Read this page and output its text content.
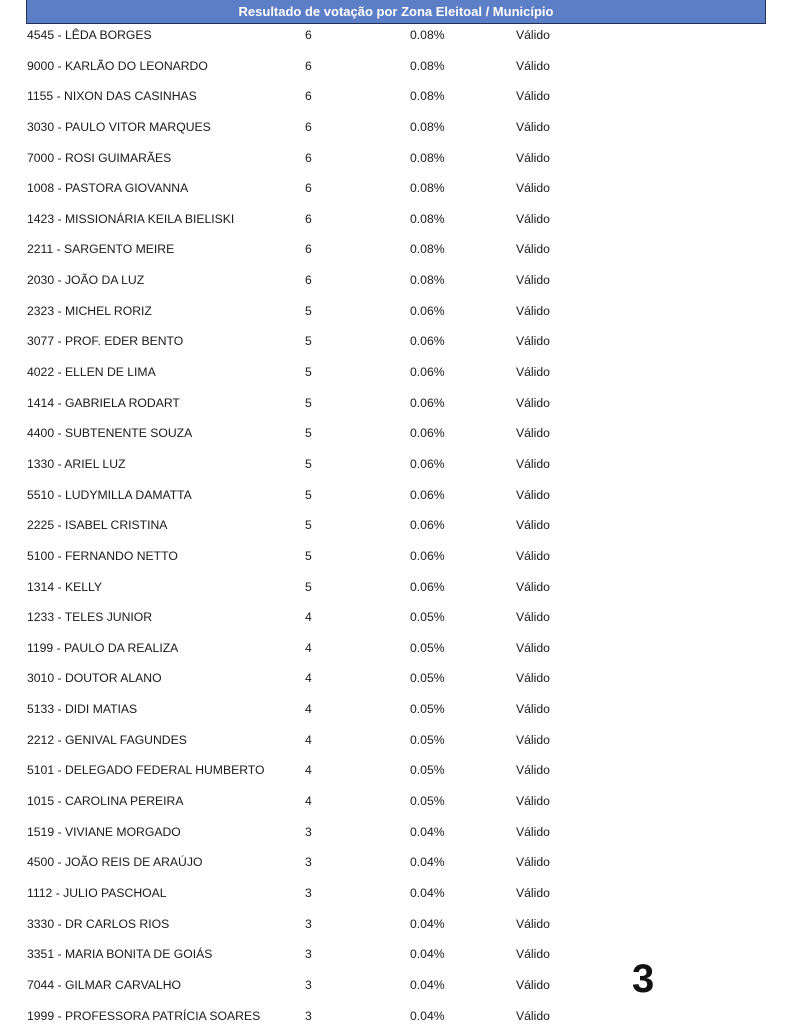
Resultado de votação por Zona Eleitoal / Município
4545 - LÊDA BORGES	6	0.08%	Válido
9000 - KARLÃO DO LEONARDO	6	0.08%	Válido
1155 - NIXON DAS CASINHAS	6	0.08%	Válido
3030 - PAULO VITOR MARQUES	6	0.08%	Válido
7000 - ROSI GUIMARÃES	6	0.08%	Válido
1008 - PASTORA GIOVANNA	6	0.08%	Válido
1423 - MISSIONÁRIA KEILA BIELISKI	6	0.08%	Válido
2211 - SARGENTO MEIRE	6	0.08%	Válido
2030 - JOÃO DA LUZ	6	0.08%	Válido
2323 - MICHEL RORIZ	5	0.06%	Válido
3077 - PROF. EDER BENTO	5	0.06%	Válido
4022 - ELLEN DE LIMA	5	0.06%	Válido
1414 - GABRIELA RODART	5	0.06%	Válido
4400 - SUBTENENTE SOUZA	5	0.06%	Válido
1330 - ARIEL LUZ	5	0.06%	Válido
5510 - LUDYMILLA DAMATTA	5	0.06%	Válido
2225 - ISABEL CRISTINA	5	0.06%	Válido
5100 - FERNANDO NETTO	5	0.06%	Válido
1314 - KELLY	5	0.06%	Válido
1233 - TELES JUNIOR	4	0.05%	Válido
1199 - PAULO DA REALIZA	4	0.05%	Válido
3010 - DOUTOR ALANO	4	0.05%	Válido
5133 - DIDI MATIAS	4	0.05%	Válido
2212 - GENIVAL FAGUNDES	4	0.05%	Válido
5101 - DELEGADO FEDERAL HUMBERTO	4	0.05%	Válido
1015 - CAROLINA PEREIRA	4	0.05%	Válido
1519 - VIVIANE MORGADO	3	0.04%	Válido
4500 - JOÃO REIS DE ARAÚJO	3	0.04%	Válido
1112 - JULIO PASCHOAL	3	0.04%	Válido
3330 - DR CARLOS RIOS	3	0.04%	Válido
3351 - MARIA BONITA DE GOIÁS	3	0.04%	Válido
7044 - GILMAR CARVALHO	3	0.04%	Válido
1999 - PROFESSORA PATRÍCIA SOARES	3	0.04%	Válido
3
